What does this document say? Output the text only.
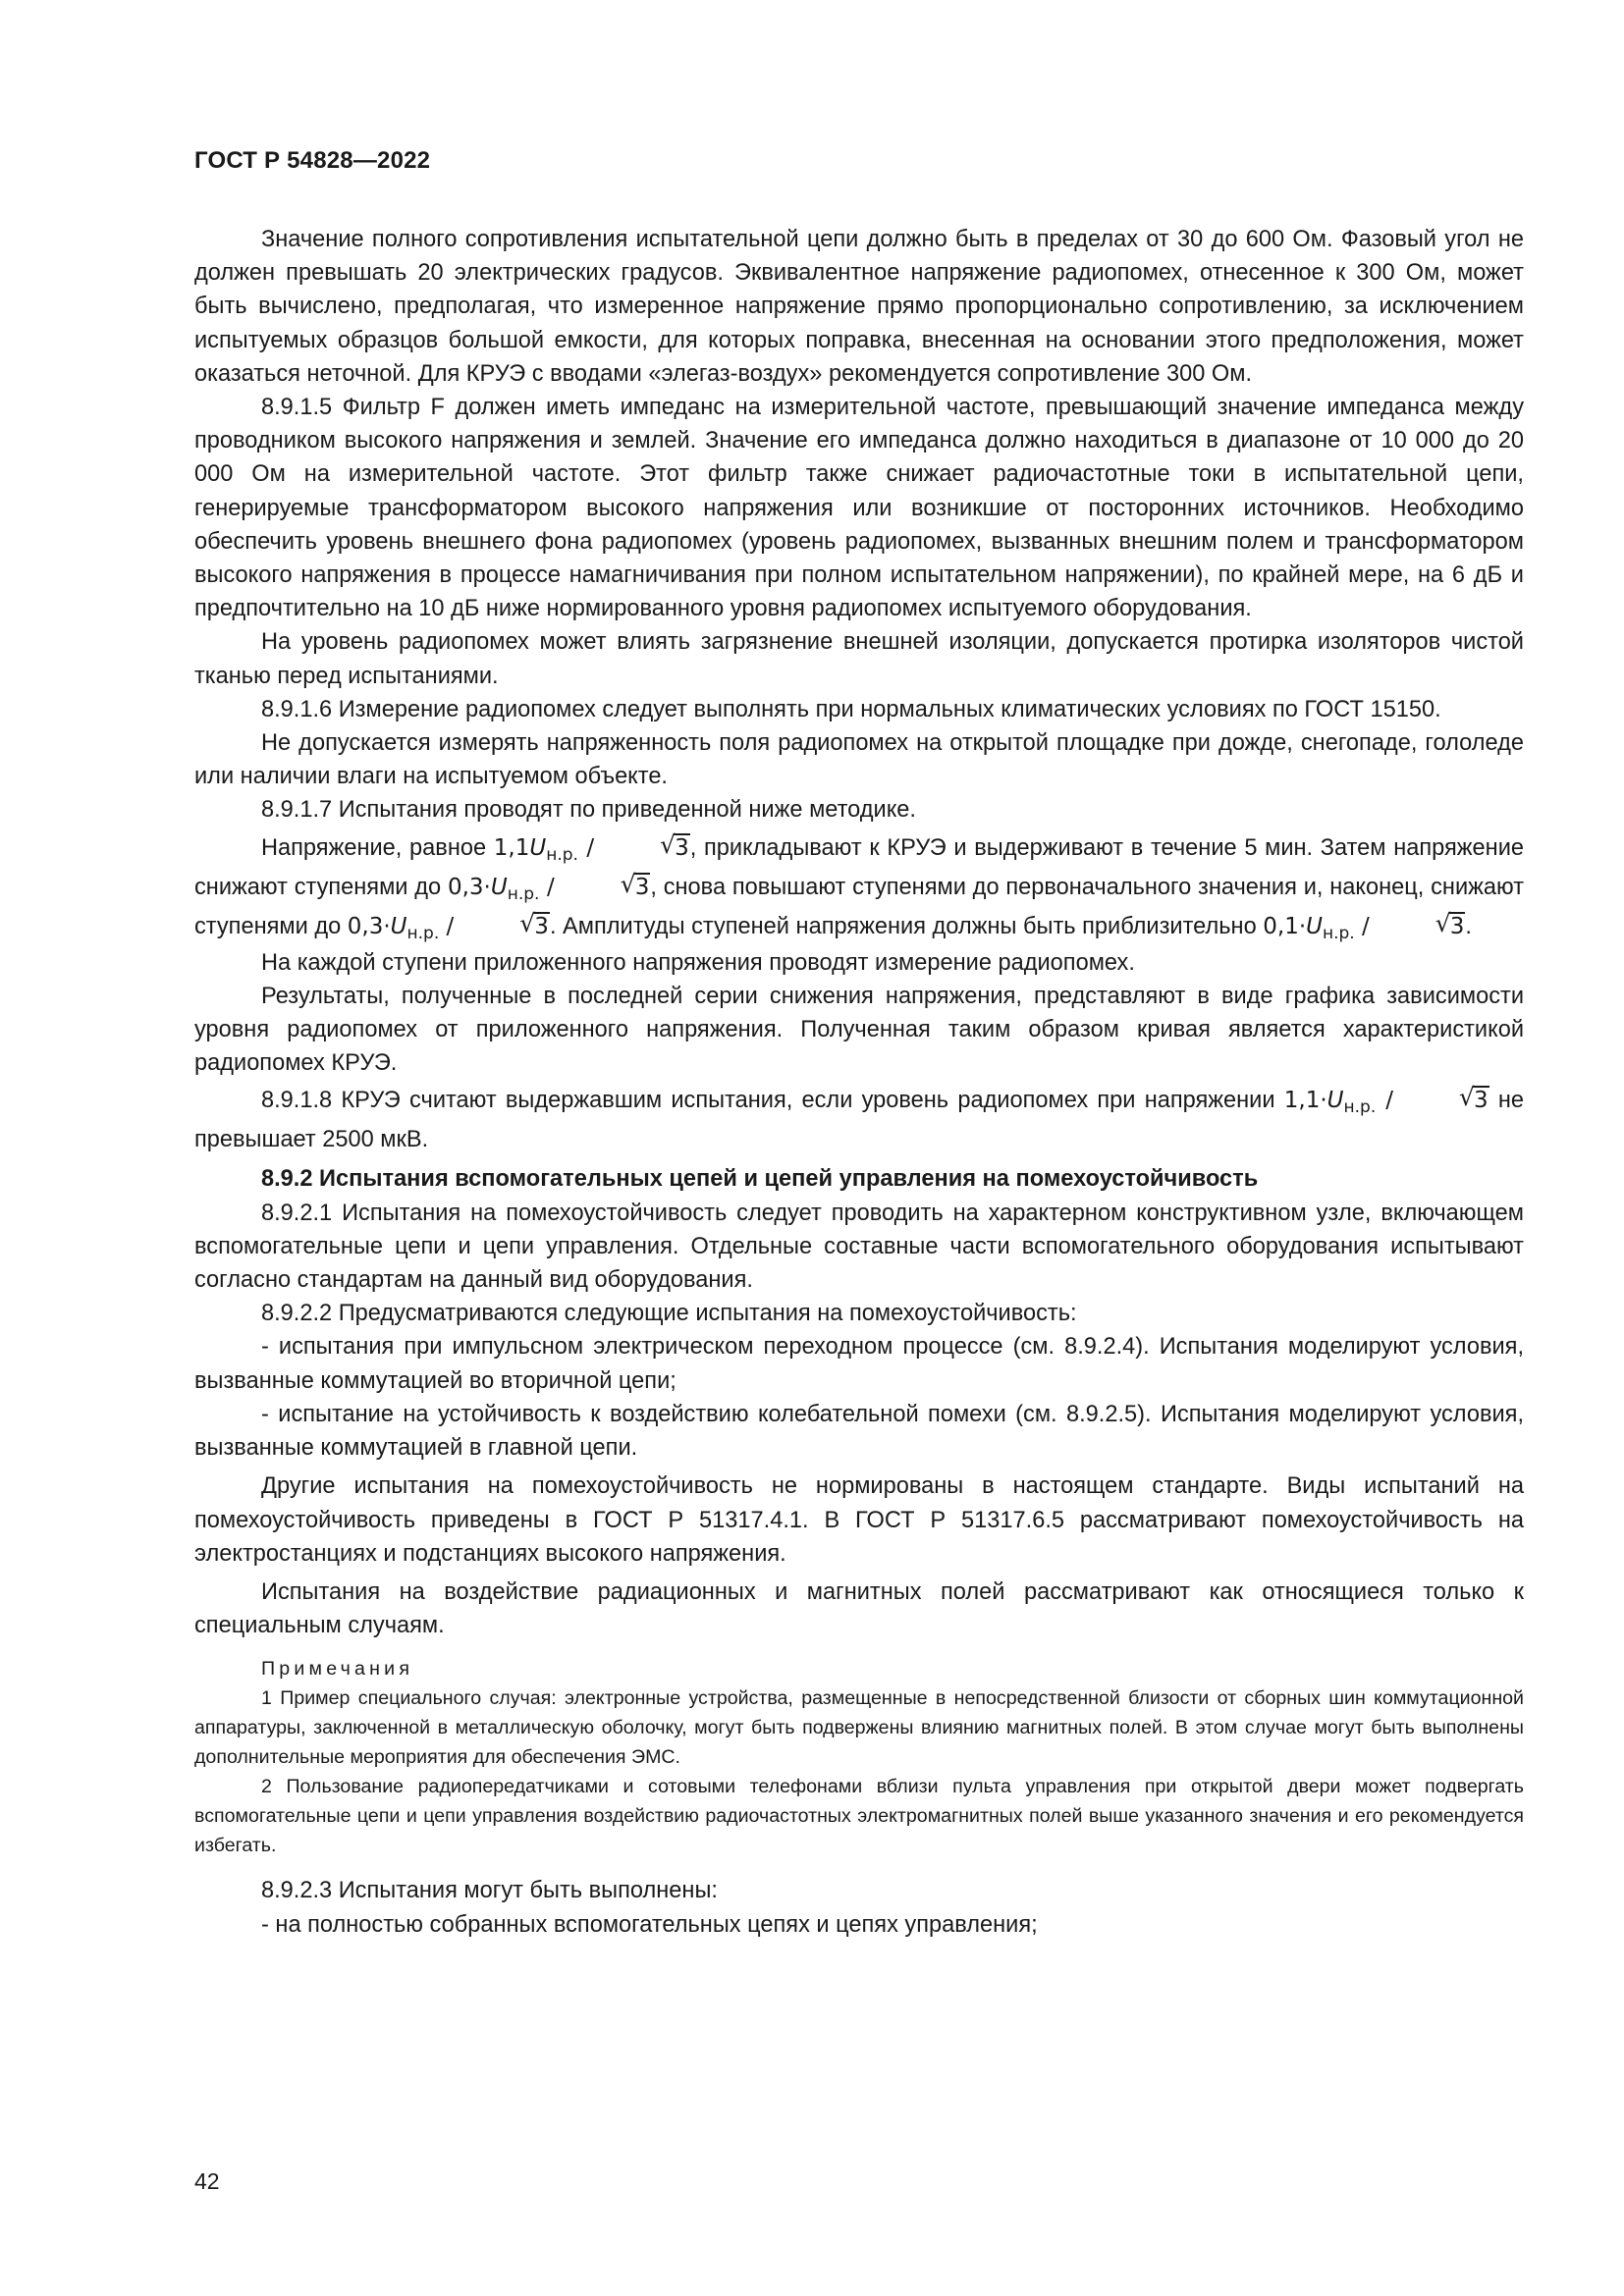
ГОСТ Р 54828—2022

Значение полного сопротивления испытательной цепи должно быть в пределах от 30 до 600 Ом. Фазовый угол не должен превышать 20 электрических градусов. Эквивалентное напряжение радиопомех, отнесенное к 300 Ом, может быть вычислено, предполагая, что измеренное напряжение прямо пропорционально сопротивлению, за исключением испытуемых образцов большой емкости, для которых поправка, внесенная на основании этого предположения, может оказаться неточной. Для КРУЭ с вводами «элегаз-воздух» рекомендуется сопротивление 300 Ом.

8.9.1.5 Фильтр F должен иметь импеданс на измерительной частоте, превышающий значение импеданса между проводником высокого напряжения и землей. Значение его импеданса должно находиться в диапазоне от 10 000 до 20 000 Ом на измерительной частоте. Этот фильтр также снижает радиочастотные токи в испытательной цепи, генерируемые трансформатором высокого напряжения или возникшие от посторонних источников. Необходимо обеспечить уровень внешнего фона радиопомех (уровень радиопомех, вызванных внешним полем и трансформатором высокого напряжения в процессе намагничивания при полном испытательном напряжении), по крайней мере, на 6 дБ и предпочтительно на 10 дБ ниже нормированного уровня радиопомех испытуемого оборудования.

На уровень радиопомех может влиять загрязнение внешней изоляции, допускается протирка изоляторов чистой тканью перед испытаниями.

8.9.1.6 Измерение радиопомех следует выполнять при нормальных климатических условиях по ГОСТ 15150.

Не допускается измерять напряженность поля радиопомех на открытой площадке при дожде, снегопаде, гололеде или наличии влаги на испытуемом объекте.

8.9.1.7 Испытания проводят по приведенной ниже методике.

Напряжение, равное $1,1U_{н.р.}$ /	√ 3, прикладывают к КРУЭ и выдерживают в течение 5 мин. Затем напряжение снижают ступенями до $0,3\cdot U_{н.р.}$ /	√ 3, снова повышают ступенями до первоначального значения и, наконец, снижают ступенями до $0,3\cdot U_{н.р.}$ /	√ 3. Амплитуды ступеней напряжения должны быть приблизительно $0,1\cdot U_{н.р.}$ /	√ 3.

На каждой ступени приложенного напряжения проводят измерение радиопомех.

Результаты, полученные в последней серии снижения напряжения, представляют в виде графика зависимости уровня радиопомех от приложенного напряжения. Полученная таким образом кривая является характеристикой радиопомех КРУЭ.

8.9.1.8 КРУЭ считают выдержавшим испытания, если уровень радиопомех при напряжении $1,1\cdot U_{н.р.}$ /	√ 3 не превышает 2500 мкВ.

8.9.2 Испытания вспомогательных цепей и цепей управления на помехоустойчивость

8.9.2.1 Испытания на помехоустойчивость следует проводить на характерном конструктивном узле, включающем вспомогательные цепи и цепи управления. Отдельные составные части вспомогательного оборудования испытывают согласно стандартам на данный вид оборудования.

8.9.2.2 Предусматриваются следующие испытания на помехоустойчивость:

- испытания при импульсном электрическом переходном процессе (см. 8.9.2.4). Испытания моделируют условия, вызванные коммутацией во вторичной цепи;

- испытание на устойчивость к воздействию колебательной помехи (см. 8.9.2.5). Испытания моделируют условия, вызванные коммутацией в главной цепи.

Другие испытания на помехоустойчивость не нормированы в настоящем стандарте. Виды испытаний на помехоустойчивость приведены в ГОСТ Р 51317.4.1. В ГОСТ Р 51317.6.5 рассматривают помехоустойчивость на электростанциях и подстанциях высокого напряжения.

Испытания на воздействие радиационных и магнитных полей рассматривают как относящиеся только к специальным случаям.

Примечания

1 Пример специального случая: электронные устройства, размещенные в непосредственной близости от сборных шин коммутационной аппаратуры, заключенной в металлическую оболочку, могут быть подвержены влиянию магнитных полей. В этом случае могут быть выполнены дополнительные мероприятия для обеспечения ЭМС.

2 Пользование радиопередатчиками и сотовыми телефонами вблизи пульта управления при открытой двери может подвергать вспомогательные цепи и цепи управления воздействию радиочастотных электромагнитных полей выше указанного значения и его рекомендуется избегать.

8.9.2.3 Испытания могут быть выполнены:

- на полностью собранных вспомогательных цепях и цепях управления;

42
